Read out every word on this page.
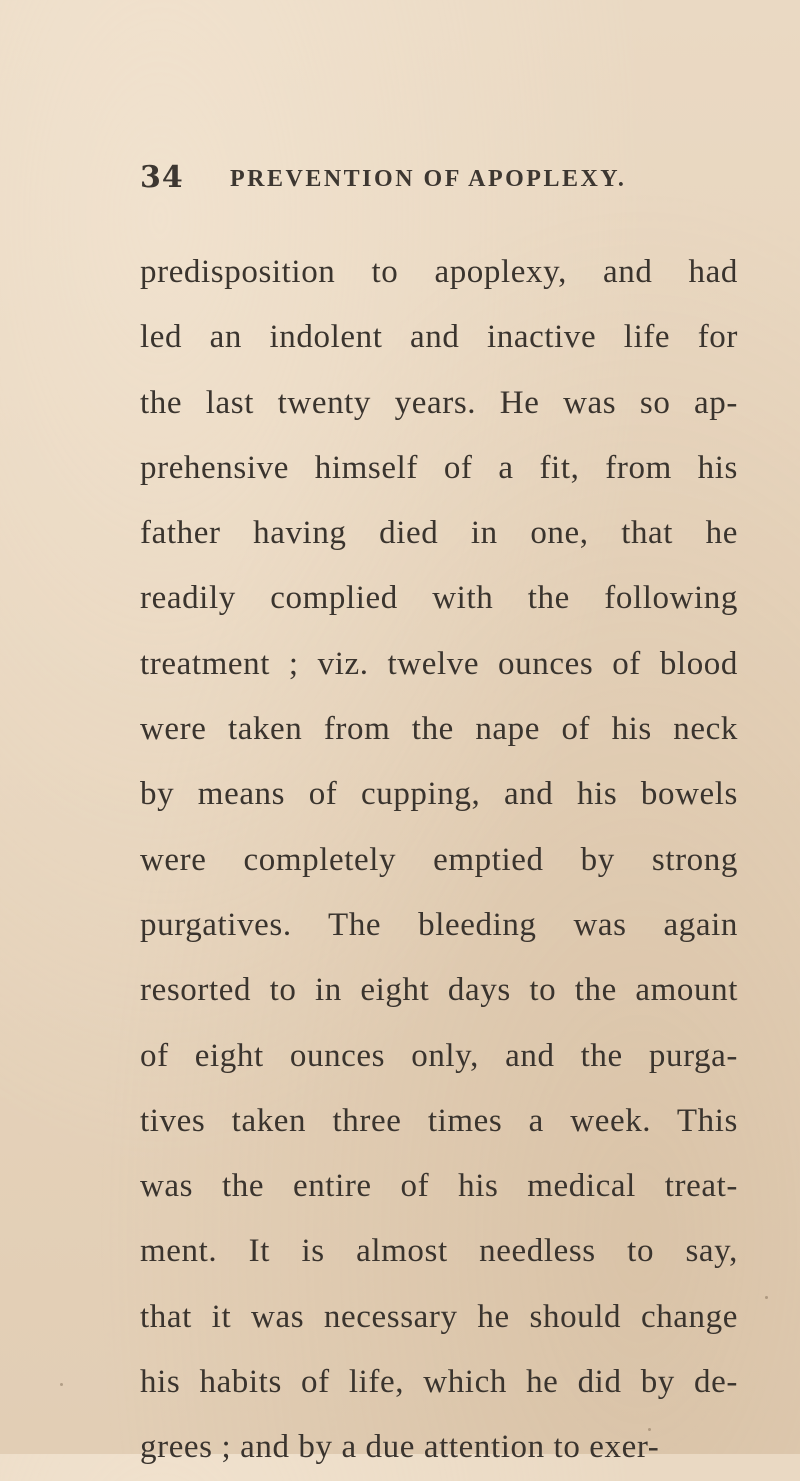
34 PREVENTION OF APOPLEXY.
predisposition to apoplexy, and had
led an indolent and inactive life for
the last twenty years. He was so ap-
prehensive himself of a fit, from his
father having died in one, that he
readily complied with the following
treatment ; viz. twelve ounces of blood
were taken from the nape of his neck
by means of cupping, and his bowels
were completely emptied by strong
purgatives. The bleeding was again
resorted to in eight days to the amount
of eight ounces only, and the purga-
tives taken three times a week. This
was the entire of his medical treat-
ment. It is almost needless to say,
that it was necessary he should change
his habits of life, which he did by de-
grees ; and by a due attention to exer-
